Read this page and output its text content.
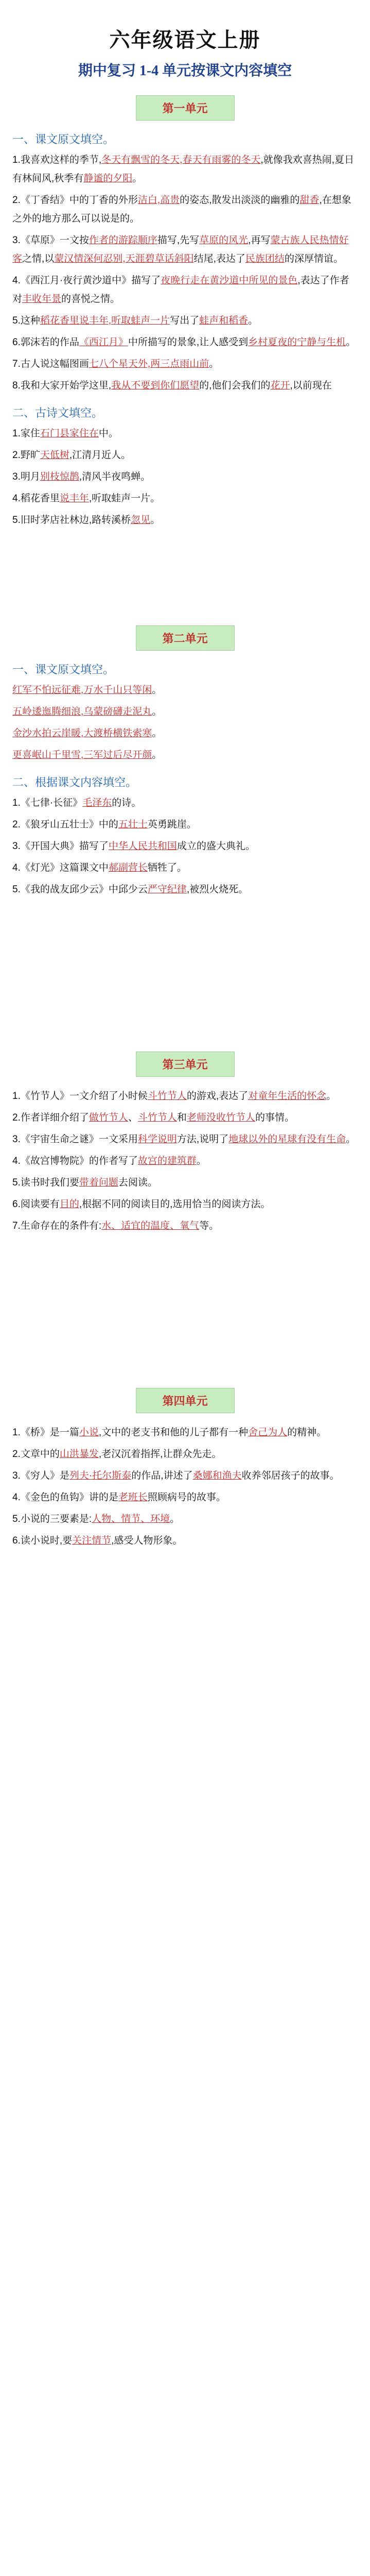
六年级语文上册
期中复习 1-4 单元按课文内容填空
第一单元
一、课文原文填空。
1.我喜欢这样的季节,冬天有飘雪的冬天,春天有雨雾的冬天,就像我欢喜热闹,夏日有林间风,秋季有静谧的夕阳。
2.《丁香结》中的丁香的外形洁白,高贵的姿态,散发出淡淡的幽雅的甜香,在想象之外的地方那么可以说是的。
3.《草原》一文按作者的游踪顺序描写,先写草原的风光,再写蒙古族人民热情好客之情,以蒙汉情深何忍别,天涯碧草话斜阳结尾,表达了民族团结的深厚情谊。
4.《西江月·夜行黄沙道中》描写了夜晚行走在黄沙道中所见的景色,表达了作者对丰收年景的喜悦之情。
5.这种稻花香里说丰年,听取蛙声一片写出了蛙声和稻香。
6.郭沫若的作品《西江月》中所描写的景象,让人感受到乡村夏夜的宁静与生机。
7.古人说这幅图画七八个星天外,两三点雨山前。
8.我和大家开始学这里,我从不要到你们愿望的,他们会我们的花开,以前现在
二、古诗文填空。
1.家住石门县家住在中。
2.野旷天低树,江清月近人。
3.明月别枝惊鹊,清风半夜鸣蝉。
4.稻花香里说丰年,听取蛙声一片。
5.旧时茅店社林边,路转溪桥忽见。
第二单元
一、课文原文填空。
红军不怕远征难,万水千山只等闲。
五岭逶迤腾细浪,乌蒙磅礴走泥丸。
金沙水拍云崖暖,大渡桥横铁索寒。
更喜岷山千里雪,三军过后尽开颜。
二、根据课文内容填空。
1.《七律·长征》毛泽东的诗。
2.《狼牙山五壮士》中的五壮士英勇跳崖。
3.《开国大典》描写了中华人民共和国成立的盛大典礼。
4.《灯光》这篇课文中郝副营长牺牲了。
5.《我的战友邱少云》中邱少云严守纪律,被烈火烧死。
第三单元
1.《竹节人》一文介绍了小时候斗竹节人的游戏,表达了对童年生活的怀念。
2.作者详细介绍了做竹节人、斗竹节人和老师没收竹节人的事情。
3.《宇宙生命之谜》一文采用科学说明方法,说明了地球以外的星球有没有生命。
4.《故宫博物院》的作者写了故宫的建筑群。
5.读书时我们要带着问题去阅读。
6.阅读要有目的,根据不同的阅读目的,选用恰当的阅读方法。
7.生命存在的条件有:水、适宜的温度、氧气等。
第四单元
1.《桥》是一篇小说,文中的老支书和他的儿子都有一种舍己为人的精神。
2.文章中的山洪暴发,老汉沉着指挥,让群众先走。
3.《穷人》是列夫·托尔斯泰的作品,讲述了桑娜和渔夫收养邻居孩子的故事。
4.《金色的鱼钩》讲的是老班长照顾病号的故事。
5.小说的三要素是:人物、情节、环境。
6.读小说时,要关注情节,感受人物形象。
